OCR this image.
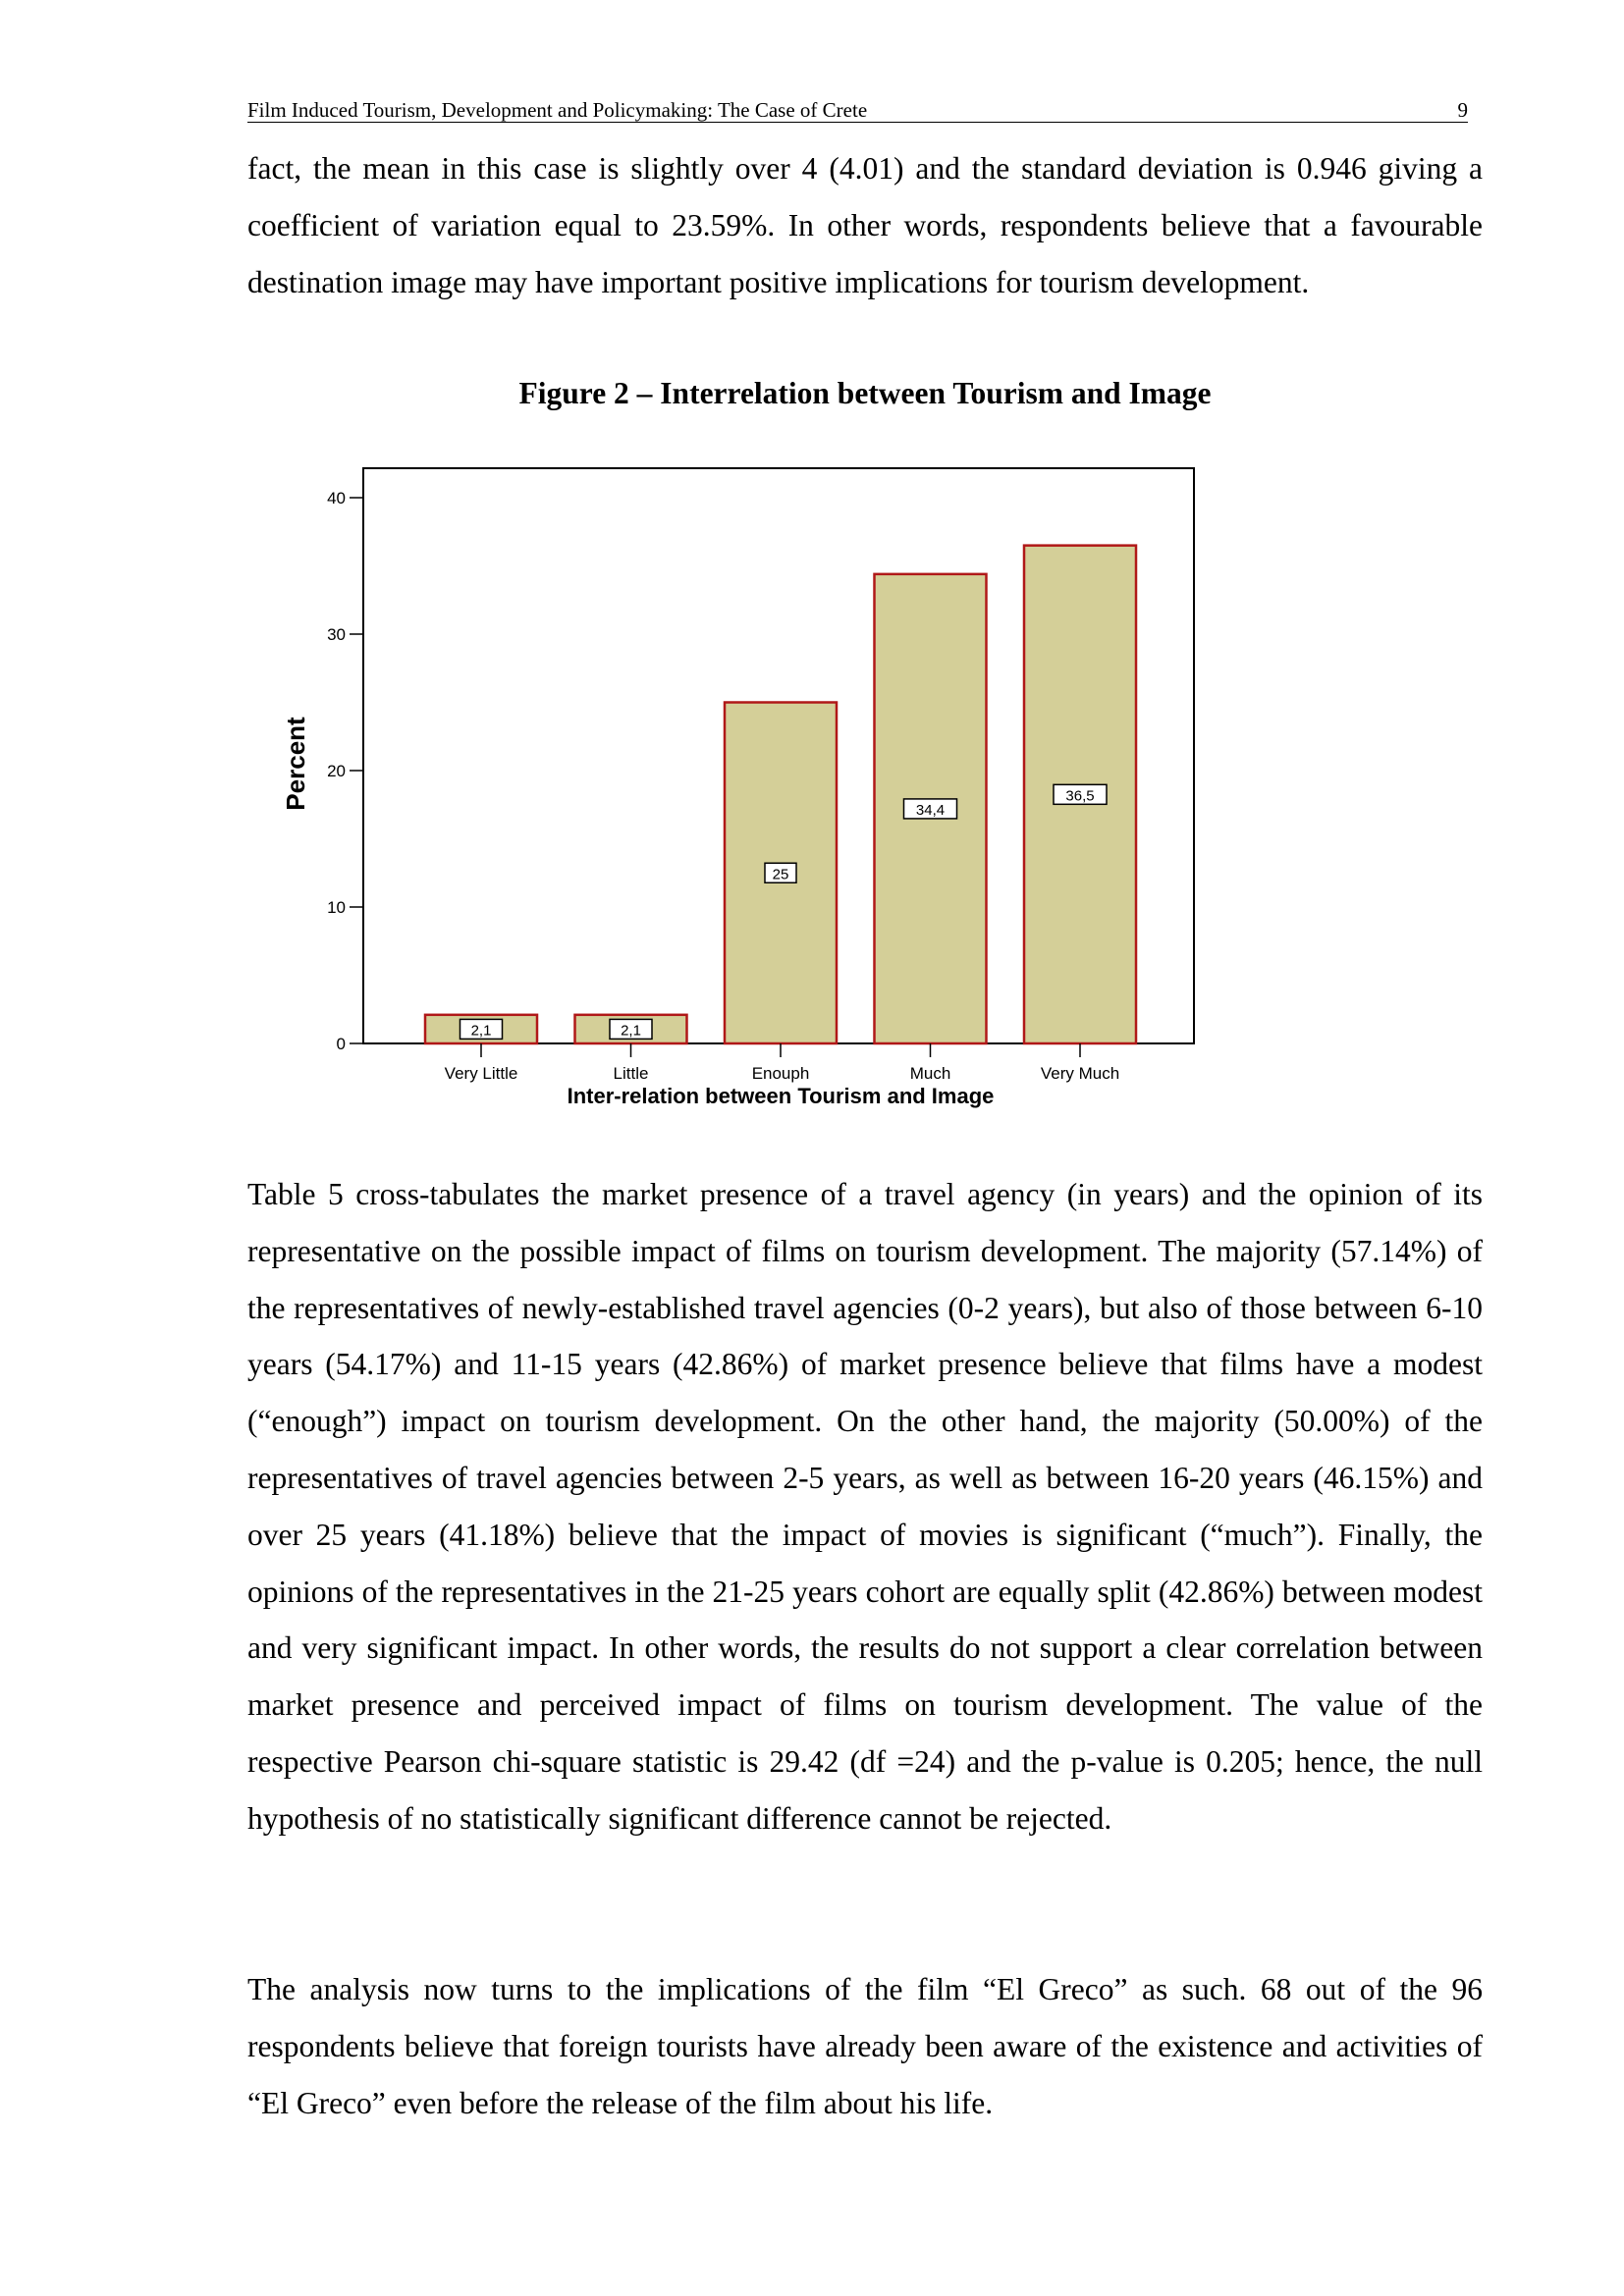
Film Induced Tourism, Development and Policymaking: The Case of Crete	9

fact, the mean in this case is slightly over 4 (4.01) and the standard deviation is 0.946 giving a coefficient of variation equal to 23.59%. In other words, respondents believe that a favourable destination image may have important positive implications for tourism development.

Figure 2 – Interrelation between Tourism and Image

0
10
20
30
40
Percent
Very Little
2,1
Little
2,1
Enouph
25
Much
34,4
Very Much
36,5
Inter-relation between Tourism and Image

Table 5 cross-tabulates the market presence of a travel agency (in years) and the opinion of its representative on the possible impact of films on tourism development. The majority (57.14%) of the representatives of newly-established travel agencies (0-2 years), but also of those between 6-10 years (54.17%) and 11-15 years (42.86%) of market presence believe that films have a modest (“enough”) impact on tourism development. On the other hand, the majority (50.00%) of the representatives of travel agencies between 2-5 years, as well as between 16-20 years (46.15%) and over 25 years (41.18%) believe that the impact of movies is significant (“much”). Finally, the opinions of the representatives in the 21-25 years cohort are equally split (42.86%) between modest and very significant impact. In other words, the results do not support a clear correlation between market presence and perceived impact of films on tourism development. The value of the respective Pearson chi-square statistic is 29.42 (df =24) and the p-value is 0.205; hence, the null hypothesis of no statistically significant difference cannot be rejected.

The analysis now turns to the implications of the film “El Greco” as such. 68 out of the 96 respondents believe that foreign tourists have already been aware of the existence and activities of “El Greco” even before the release of the film about his life.
